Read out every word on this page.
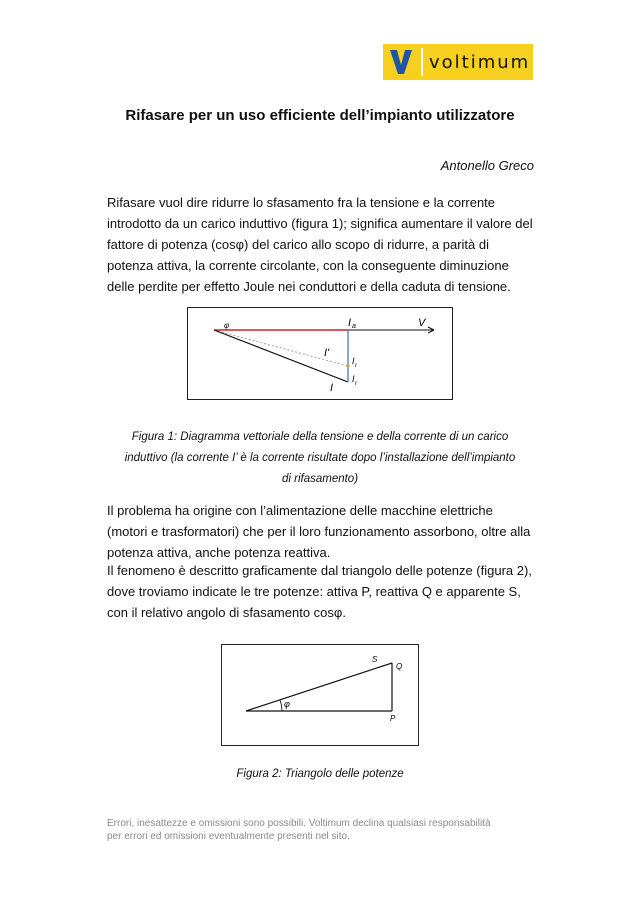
voltimum
Rifasare per un uso efficiente dell’impianto utilizzatore
Antonello Greco

Rifasare vuol dire ridurre lo sfasamento fra la tensione e la corrente
introdotto da un carico induttivo (figura 1); significa aumentare il valore del
fattore di potenza (cosφ) del carico allo scopo di ridurre, a parità di
potenza attiva, la corrente circolante, con la conseguente diminuzione
delle perdite per effetto Joule nei conduttori e della caduta di tensione.

φ	I a	V
I'
I r
I r
I
Figura 1: Diagramma vettoriale della tensione e della corrente di un carico
induttivo (la corrente I’ è la corrente risultate dopo l’installazione dell’impianto
di rifasamento)

Il problema ha origine con l’alimentazione delle macchine elettriche
(motori e trasformatori) che per il loro funzionamento assorbono, oltre alla
potenza attiva, anche potenza reattiva.

Il fenomeno è descritto graficamente dal triangolo delle potenze (figura 2),
dove troviamo indicate le tre potenze: attiva P, reattiva Q e apparente S,
con il relativo angolo di sfasamento cosφ.

φ
S
Q
P
Figura 2: Triangolo delle potenze
Errori, inesattezze e omissioni sono possibili. Voltimum declina qualsiasi responsabilità
per errori ed omissioni eventualmente presenti nel sito.
